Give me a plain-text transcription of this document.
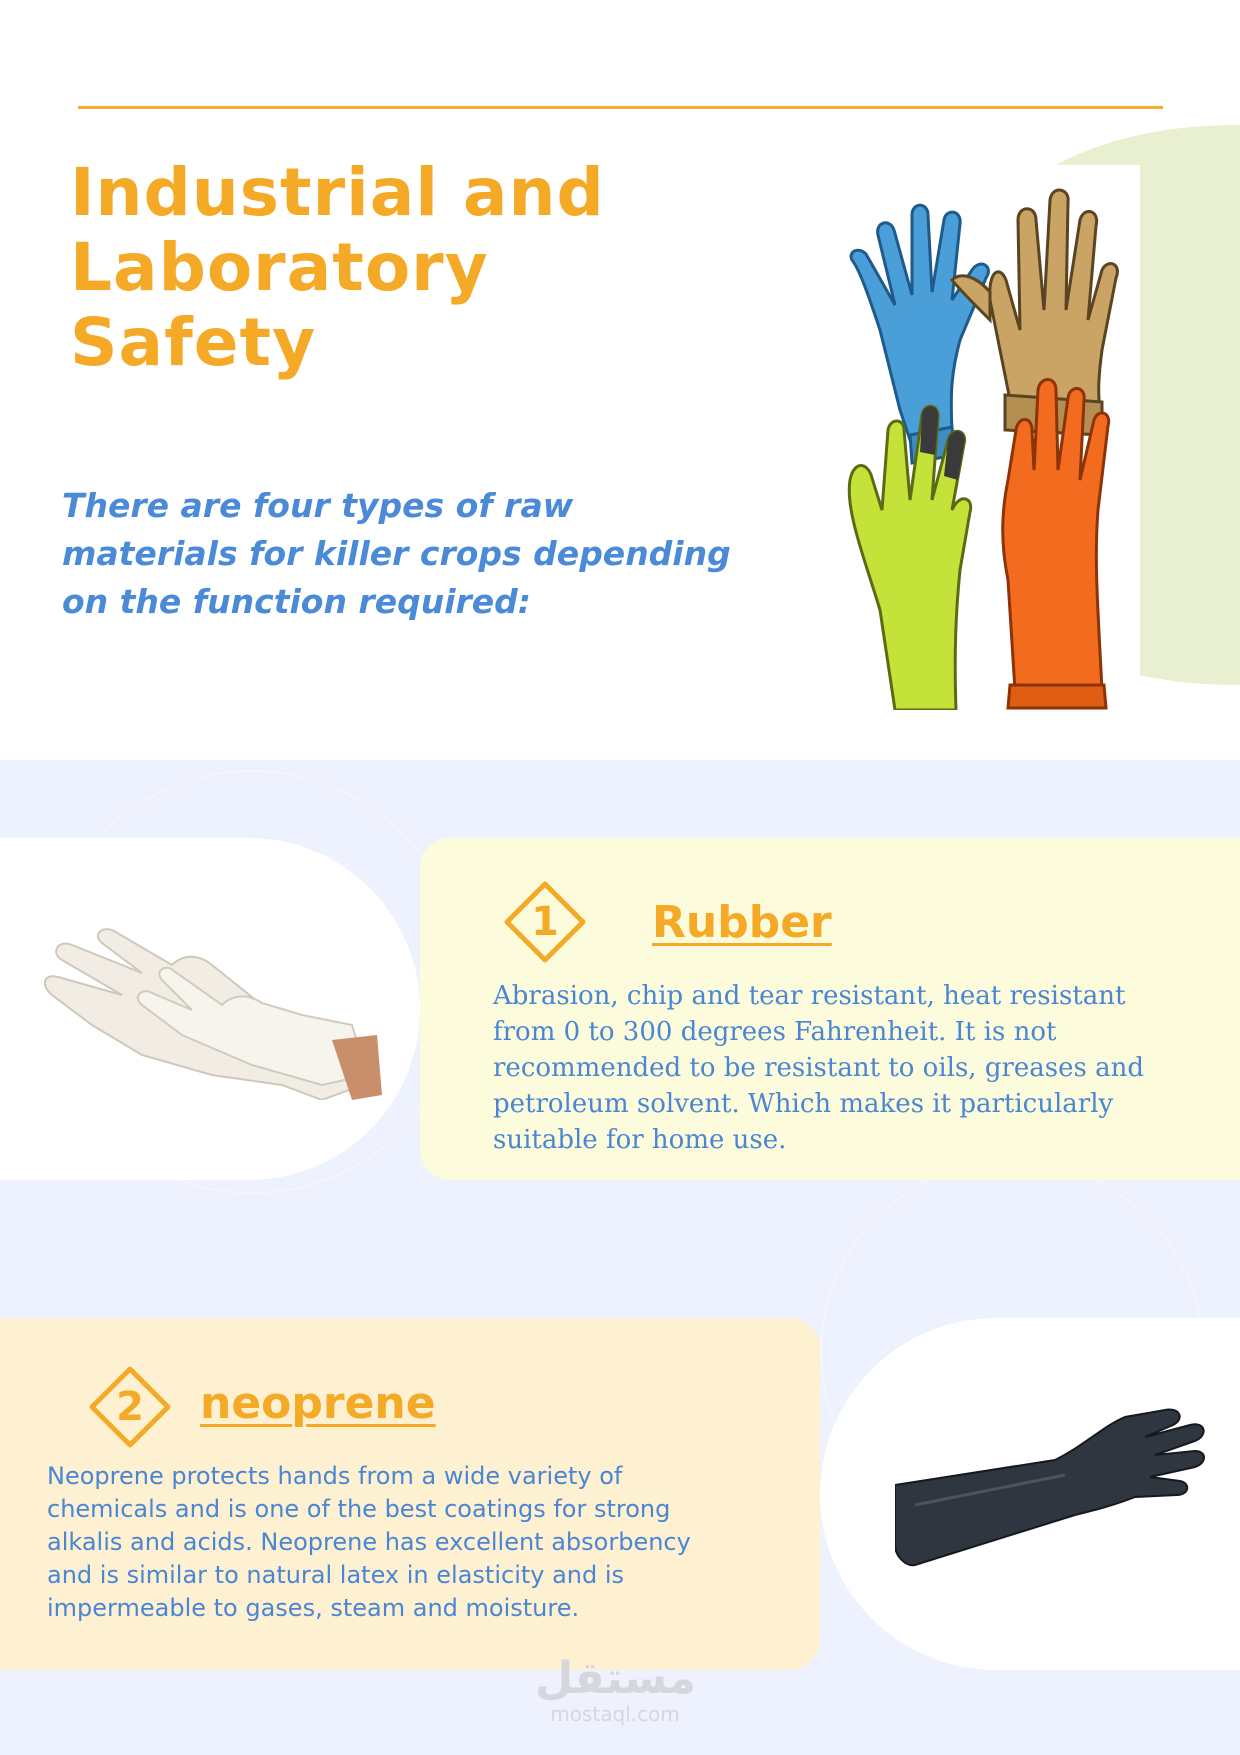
Industrial and
Laboratory
Safety

There are four types of raw materials for killer crops depending on the function required:

1	Rubber

Abrasion, chip and tear resistant, heat resistant from 0 to 300 degrees Fahrenheit. It is not recommended to be resistant to oils, greases and petroleum solvent. Which makes it particularly suitable for home use.

2	neoprene

Neoprene protects hands from a wide variety of chemicals and is one of the best coatings for strong alkalis and acids. Neoprene has excellent absorbency and is similar to natural latex in elasticity and is impermeable to gases, steam and moisture.

مستقل
mostaql.com
